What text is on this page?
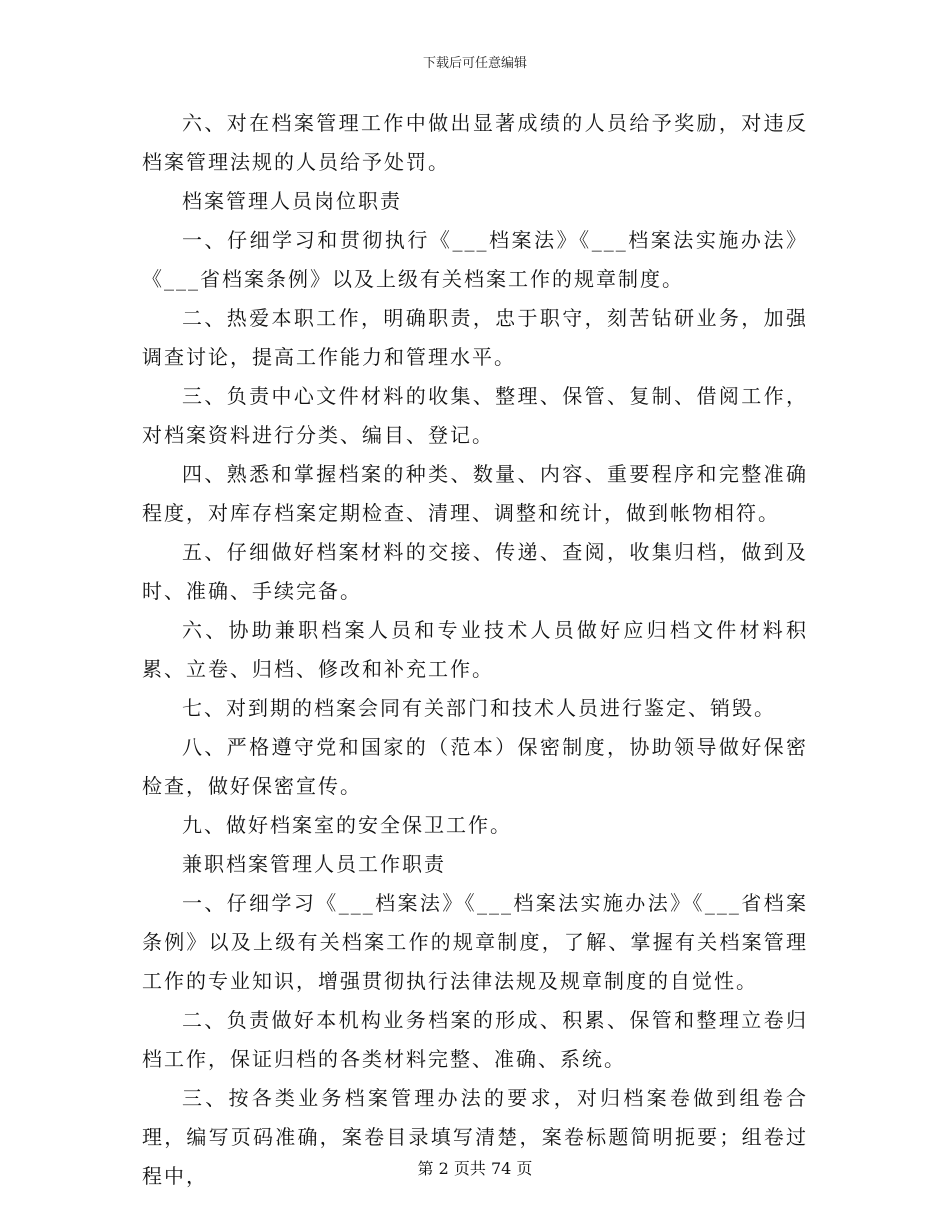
下载后可任意编辑

六、对在档案管理工作中做出显著成绩的人员给予奖励，对违反档案管理法规的人员给予处罚。

档案管理人员岗位职责

一、仔细学习和贯彻执行《___档案法》《___档案法实施办法》《___省档案条例》以及上级有关档案工作的规章制度。

二、热爱本职工作，明确职责，忠于职守，刻苦钻研业务，加强调查讨论，提高工作能力和管理水平。

三、负责中心文件材料的收集、整理、保管、复制、借阅工作，对档案资料进行分类、编目、登记。

四、熟悉和掌握档案的种类、数量、内容、重要程序和完整准确程度，对库存档案定期检查、清理、调整和统计，做到帐物相符。

五、仔细做好档案材料的交接、传递、查阅，收集归档，做到及时、准确、手续完备。

六、协助兼职档案人员和专业技术人员做好应归档文件材料积累、立卷、归档、修改和补充工作。

七、对到期的档案会同有关部门和技术人员进行鉴定、销毁。

八、严格遵守党和国家的（范本）保密制度，协助领导做好保密检查，做好保密宣传。

九、做好档案室的安全保卫工作。

兼职档案管理人员工作职责

一、仔细学习《___档案法》《___档案法实施办法》《___省档案条例》以及上级有关档案工作的规章制度，了解、掌握有关档案管理工作的专业知识，增强贯彻执行法律法规及规章制度的自觉性。

二、负责做好本机构业务档案的形成、积累、保管和整理立卷归档工作，保证归档的各类材料完整、准确、系统。

三、按各类业务档案管理办法的要求，对归档案卷做到组卷合理，编写页码准确，案卷目录填写清楚，案卷标题简明扼要；组卷过程中，	第 2 页共 74 页
